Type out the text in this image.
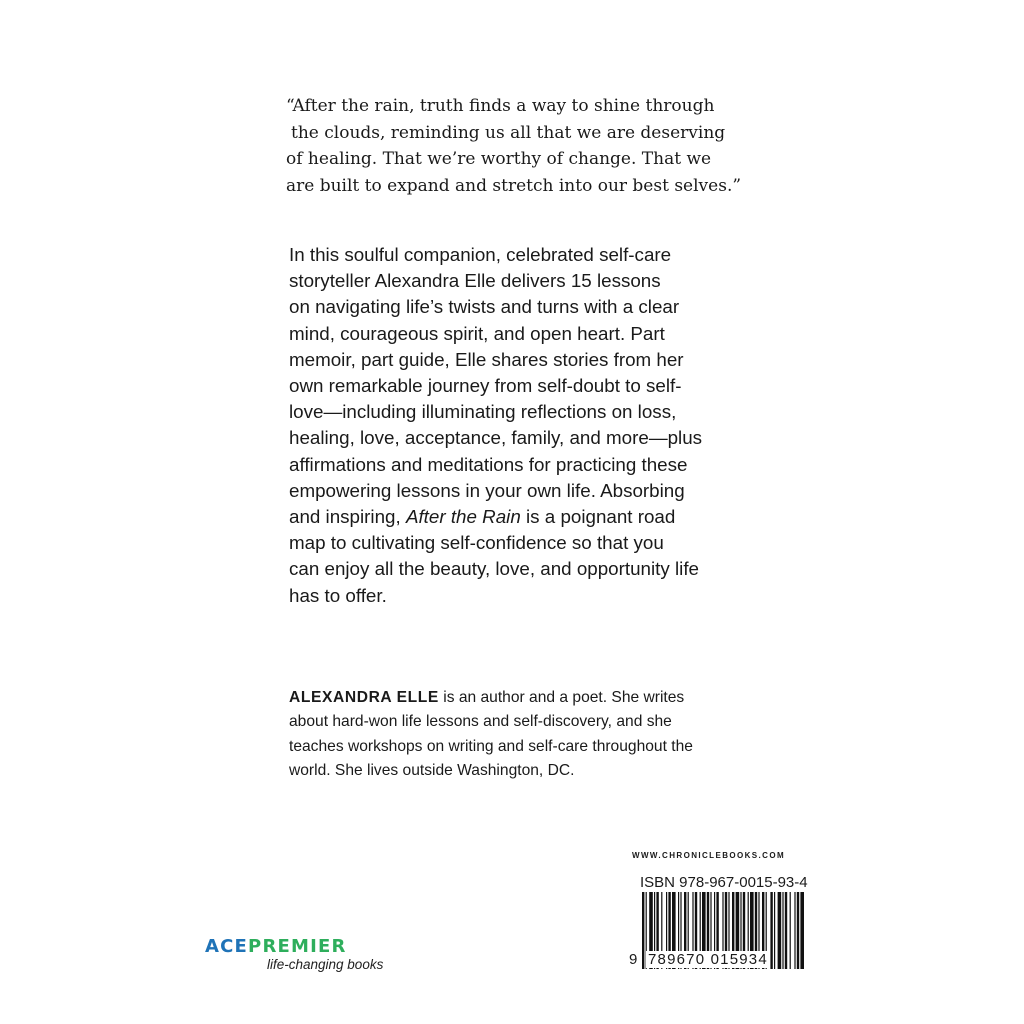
“After the rain, truth finds a way to shine through
the clouds, reminding us all that we are deserving
of healing. That we’re worthy of change. That we
are built to expand and stretch into our best selves.”
In this soulful companion, celebrated self-care
storyteller Alexandra Elle delivers 15 lessons
on navigating life’s twists and turns with a clear
mind, courageous spirit, and open heart. Part
memoir, part guide, Elle shares stories from her
own remarkable journey from self-doubt to self-
love—including illuminating reflections on loss,
healing, love, acceptance, family, and more—plus
affirmations and meditations for practicing these
empowering lessons in your own life. Absorbing
and inspiring, After the Rain is a poignant road
map to cultivating self-confidence so that you
can enjoy all the beauty, love, and opportunity life
has to offer.
ALEXANDRA ELLE is an author and a poet. She writes
about hard-won life lessons and self-discovery, and she
teaches workshops on writing and self-care throughout the
world. She lives outside Washington, DC.
WWW.CHRONICLEBOOKS.COM
ISBN 978-967-0015-93-4
9 789670 015934
ACEPREMIER
life-changing books
